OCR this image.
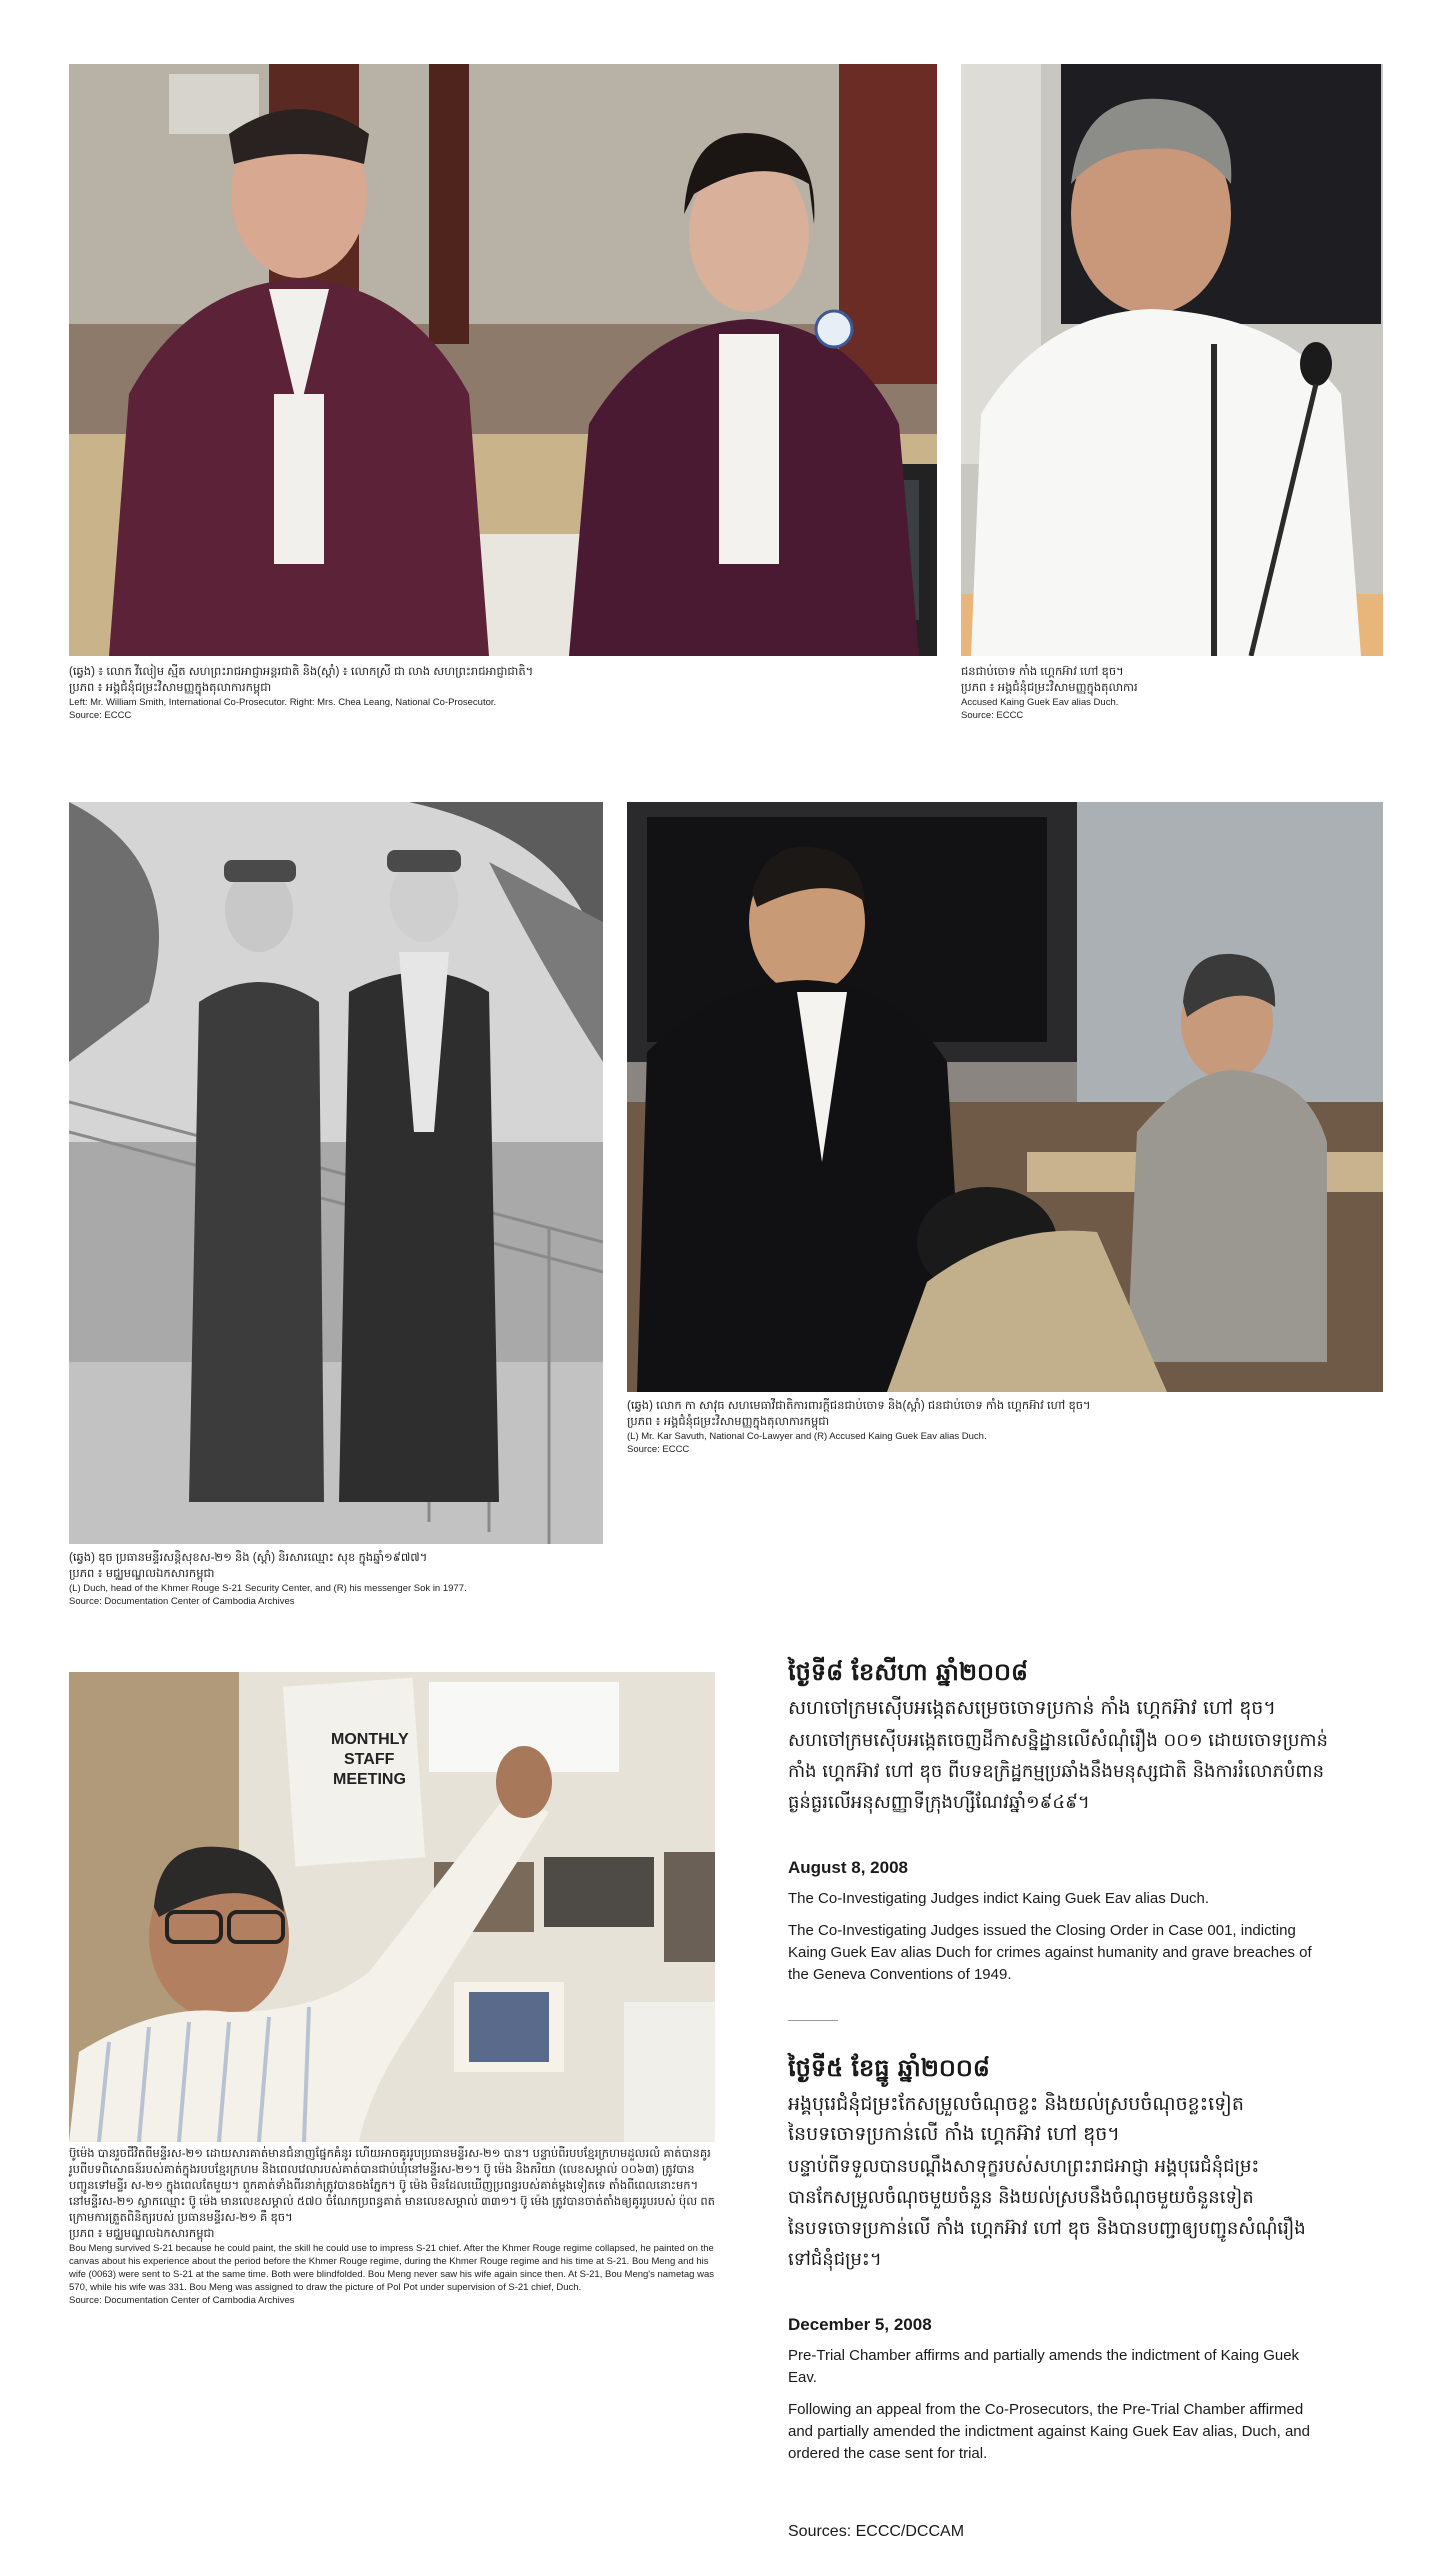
(ឆ្វេង) ៖ លោក វីលៀម ស្មីត សហព្រះរាជអាជ្ញាអន្តរជាតិ និង(ស្តាំ) ៖ លោកស្រី ជា លាង សហព្រះរាជអាជ្ញាជាតិ។
ប្រភព ៖ អង្គជំនុំជម្រះវិសាមញ្ញក្នុងតុលាការកម្ពុជា
Left: Mr. William Smith, International Co-Prosecutor. Right: Mrs. Chea Leang, National Co-Prosecutor.
Source: ECCC
ជនជាប់ចោទ កាំង ហ្គេកអ៊ាវ ហៅ ឌុច។
ប្រភព ៖ អង្គជំនុំជម្រះវិសាមញ្ញក្នុងតុលាការ
Accused Kaing Guek Eav alias Duch.
Source: ECCC
(ឆ្វេង) ឌុច ប្រធានមន្ទីរសន្តិសុខស-២១ និង (ស្តាំ) និរសារឈ្មោះ សុខ ក្នុងឆ្នាំ១៩៧៧។
ប្រភព ៖ មជ្ឈមណ្ឌលឯកសារកម្ពុជា
(L) Duch, head of the Khmer Rouge S-21 Security Center, and (R) his messenger Sok in 1977.
Source: Documentation Center of Cambodia Archives
(ឆ្វេង) លោក កា សាវុធ សហមេធាវីជាតិការពារក្តីជនជាប់ចោទ និង(ស្តាំ) ជនជាប់ចោទ កាំង ហ្គេកអ៊ាវ ហៅ ឌុច។
ប្រភព ៖ អង្គជំនុំជម្រះវិសាមញ្ញក្នុងតុលាការកម្ពុជា
(L) Mr. Kar Savuth, National Co-Lawyer and (R) Accused Kaing Guek Eav alias Duch.
Source: ECCC
MONTHLY
STAFF
MEETING
ប៊ូម៉េង បានរួចជីវិតពីមន្ទីរស-២១ ដោយសារគាត់មានជំនាញផ្នែកគំនូរ ហើយអាចគូររូបប្រធានមន្ទីរស-២១ បាន។ បន្ទាប់ពីរបបខ្មែរក្រហមដួលរលំ គាត់បានគូររូបពីបទពិសោធន៍របស់គាត់ក្នុងរបបខ្មែរក្រហម និងពេលវេលារបស់គាត់បានជាប់ឃុំនៅមន្ទីរស-២១។ ប៊ូ ម៉េង និងភរិយា (លេខសម្គាល់ ០០៦៣) ត្រូវបានបញ្ជូនទៅមន្ទីរ ស-២១ ក្នុងពេលតែមួយ។ ពួកគាត់ទាំងពីរនាក់ត្រូវបានចងភ្នែក។ ប៊ូ ម៉េង មិនដែលឃើញប្រពន្ធរបស់គាត់ម្តងទៀតទេ តាំងពីពេលនោះមក។ នៅមន្ទីរស-២១ ស្លាកឈ្មោះ ប៊ូ ម៉េង មានលេខសម្គាល់ ៥៧០ ចំណែកប្រពន្ធគាត់ មានលេខសម្គាល់ ៣៣១។ ប៊ូ ម៉េង ត្រូវបានចាត់តាំងឲ្យគូររូបរបស់ ប៉ុល ពត ក្រោមការត្រួតពិនិត្យរបស់ ប្រធានមន្ទីរស-២១ គឺ ឌុច។
ប្រភព ៖ មជ្ឈមណ្ឌលឯកសារកម្ពុជា
Bou Meng survived S-21 because he could paint, the skill he could use to impress S-21 chief. After the Khmer Rouge regime collapsed, he painted on the canvas about his experience about the period before the Khmer Rouge regime, during the Khmer Rouge regime and his time at S-21. Bou Meng and his wife (0063) were sent to S-21 at the same time. Both were blindfolded. Bou Meng never saw his wife again since then. At S-21, Bou Meng's nametag was 570, while his wife was 331. Bou Meng was assigned to draw the picture of Pol Pot under supervision of S-21 chief, Duch.
Source: Documentation Center of Cambodia Archives

ថ្ងៃទី៨ ខែសីហា ឆ្នាំ២០០៨

សហចៅក្រមស៊ើបអង្កេតសម្រេចចោទប្រកាន់ កាំង ហ្គេកអ៊ាវ ហៅ ឌុច។

សហចៅក្រមស៊ើបអង្កេតចេញដីកាសន្និដ្ឋានលើសំណុំរឿង ០០១ ដោយចោទប្រកាន់ កាំង ហ្គេកអ៊ាវ ហៅ ឌុច ពីបទឧក្រិដ្ឋកម្មប្រឆាំងនឹងមនុស្សជាតិ និងការរំលោភបំពានធ្ងន់ធ្ងរលើអនុសញ្ញាទីក្រុងហ្សឺណែវឆ្នាំ១៩៤៩។

August 8, 2008

The Co-Investigating Judges indict Kaing Guek Eav alias Duch.

The Co-Investigating Judges issued the Closing Order in Case 001, indicting Kaing Guek Eav alias Duch for crimes against humanity and grave breaches of the Geneva Conventions of 1949.

ថ្ងៃទី៥ ខែធ្នូ ឆ្នាំ២០០៨

អង្គបុរេជំនុំជម្រះកែសម្រួលចំណុចខ្លះ និងយល់ស្របចំណុចខ្លះទៀត នៃបទចោទប្រកាន់លើ កាំង ហ្គេកអ៊ាវ ហៅ ឌុច។

បន្ទាប់ពីទទួលបានបណ្តឹងសាទុក្ខរបស់សហព្រះរាជអាជ្ញា អង្គបុរេជំនុំជម្រះបានកែសម្រួលចំណុចមួយចំនួន និងយល់ស្របនឹងចំណុចមួយចំនួនទៀត នៃបទចោទប្រកាន់លើ កាំង ហ្គេកអ៊ាវ ហៅ ឌុច និងបានបញ្ជាឲ្យបញ្ជូនសំណុំរឿងទៅជំនុំជម្រះ។

December 5, 2008

Pre-Trial Chamber affirms and partially amends the indictment of Kaing Guek Eav.

Following an appeal from the Co-Prosecutors, the Pre-Trial Chamber affirmed and partially amended the indictment against Kaing Guek Eav alias, Duch, and ordered the case sent for trial.

Sources: ECCC/DCCAM
